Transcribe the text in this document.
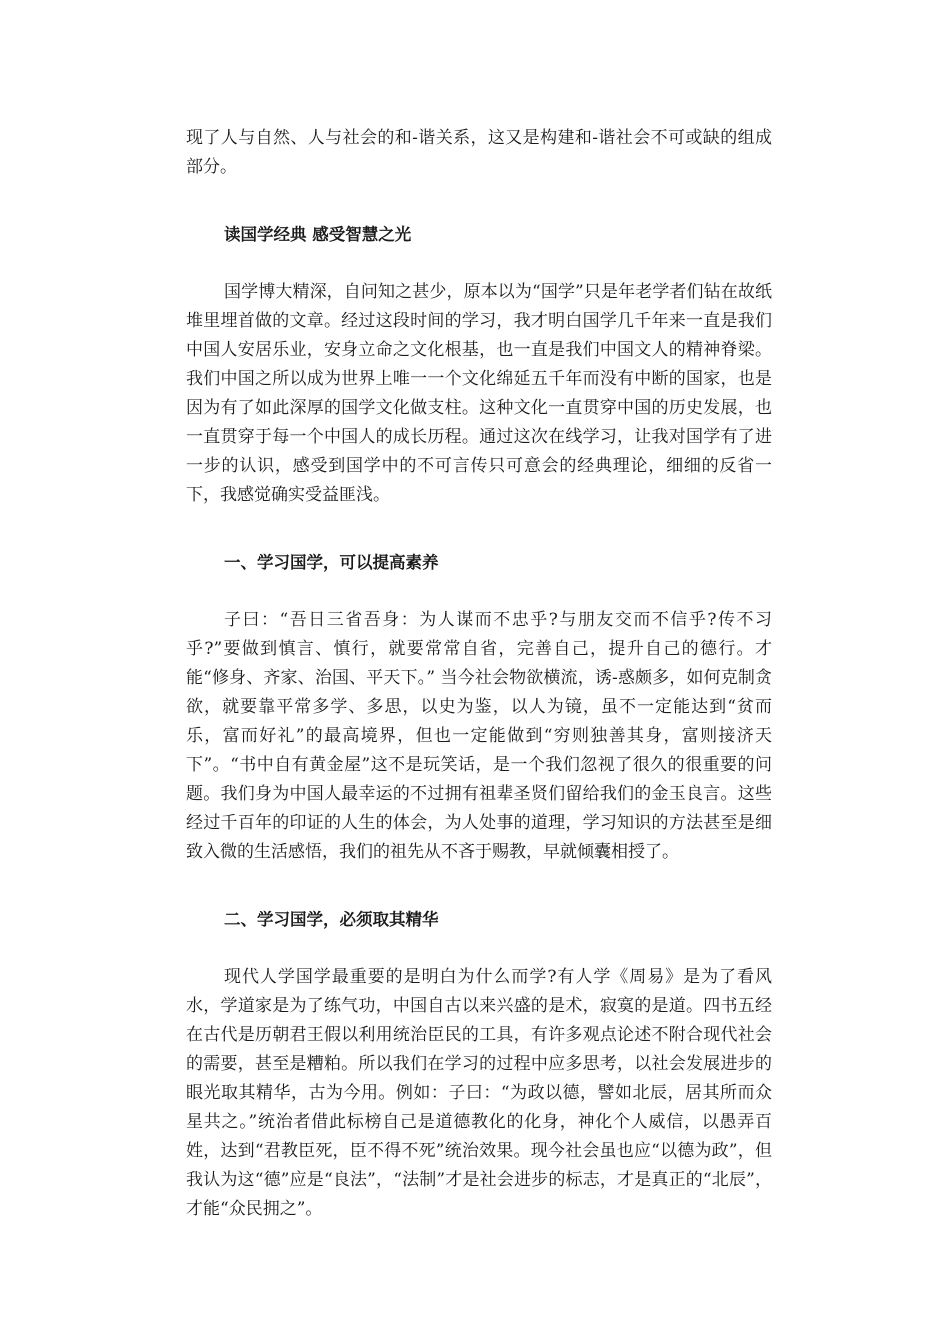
现了人与自然、人与社会的和-谐关系，这又是构建和-谐社会不可或缺的组成部分。

读国学经典 感受智慧之光

国学博大精深，自问知之甚少，原本以为“国学”只是年老学者们钻在故纸堆里埋首做的文章。经过这段时间的学习，我才明白国学几千年来一直是我们中国人安居乐业，安身立命之文化根基，也一直是我们中国文人的精神脊梁。我们中国之所以成为世界上唯一一个文化绵延五千年而没有中断的国家，也是因为有了如此深厚的国学文化做支柱。这种文化一直贯穿中国的历史发展，也一直贯穿于每一个中国人的成长历程。通过这次在线学习，让我对国学有了进一步的认识，感受到国学中的不可言传只可意会的经典理论，细细的反省一下，我感觉确实受益匪浅。

一、学习国学，可以提高素养

子曰：“吾日三省吾身：为人谋而不忠乎?与朋友交而不信乎?传不习乎?”要做到慎言、慎行，就要常常自省，完善自己，提升自己的德行。才能“修身、齐家、治国、平天下。” 当今社会物欲横流，诱-惑颇多，如何克制贪欲，就要靠平常多学、多思，以史为鉴，以人为镜，虽不一定能达到“贫而乐，富而好礼”的最高境界，但也一定能做到“穷则独善其身，富则接济天下”。“书中自有黄金屋”这不是玩笑话，是一个我们忽视了很久的很重要的问题。我们身为中国人最幸运的不过拥有祖辈圣贤们留给我们的金玉良言。这些经过千百年的印证的人生的体会，为人处事的道理，学习知识的方法甚至是细致入微的生活感悟，我们的祖先从不吝于赐教，早就倾囊相授了。

二、学习国学，必须取其精华

现代人学国学最重要的是明白为什么而学?有人学《周易》是为了看风水，学道家是为了练气功，中国自古以来兴盛的是术，寂寞的是道。四书五经在古代是历朝君王假以利用统治臣民的工具，有许多观点论述不附合现代社会的需要，甚至是糟粕。所以我们在学习的过程中应多思考，以社会发展进步的眼光取其精华，古为今用。例如：子曰：“为政以德，譬如北辰，居其所而众星共之。”统治者借此标榜自己是道德教化的化身，神化个人威信，以愚弄百姓，达到“君教臣死，臣不得不死”统治效果。现今社会虽也应“以德为政”，但我认为这“德”应是“良法”，“法制”才是社会进步的标志，才是真正的“北辰”，才能“众民拥之”。
